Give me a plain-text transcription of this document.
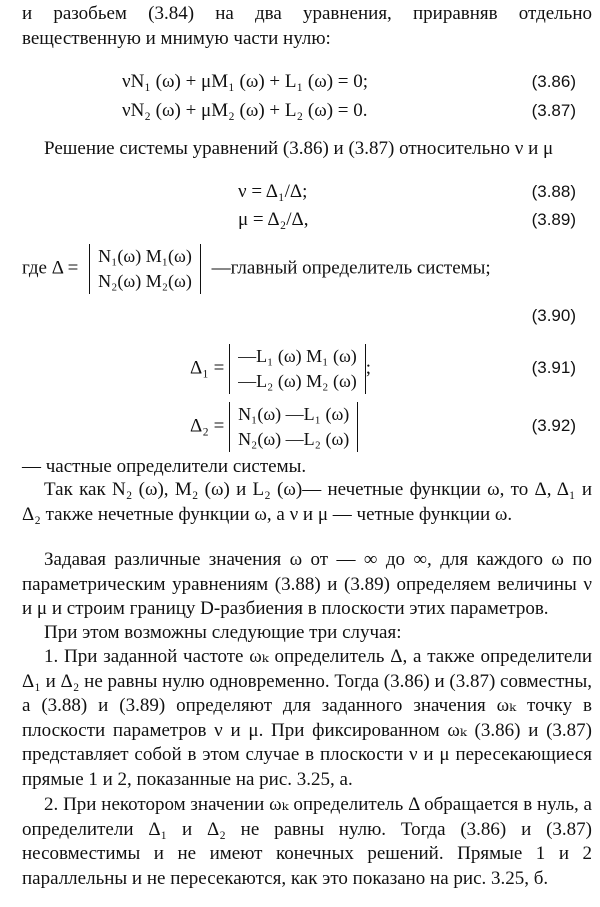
и разобьем (3.84) на два уравнения, приравняв отдельно вещественную и мнимую части нулю:
νN₁ (ω) + μM₁ (ω) + L₁ (ω) = 0;	(3.86)
νN₂ (ω) + μM₂ (ω) + L₂ (ω) = 0.	(3.87)
Решение системы уравнений (3.86) и (3.87) относительно ν и μ
ν = Δ₁/Δ;	(3.88)
μ = Δ₂/Δ,	(3.89)
где Δ =
N₁(ω) M₁(ω)
N₂(ω) M₂(ω)
—главный определитель системы;
(3.90)
Δ₁ =
—L₁ (ω) M₁ (ω)
—L₂ (ω) M₂ (ω)
;	(3.91)
Δ₂ =
N₁(ω) —L₁ (ω)
N₂(ω) —L₂ (ω)
(3.92)
— частные определители системы.
Так как N₂ (ω), M₂ (ω) и L₂ (ω)— нечетные функции ω, то Δ, Δ₁ и Δ₂ также нечетные функции ω, а ν и μ — четные функции ω.
Задавая различные значения ω от — ∞ до ∞, для каждого ω по параметрическим уравнениям (3.88) и (3.89) определяем величины ν и μ и строим границу D-разбиения в плоскости этих параметров.
При этом возможны следующие три случая:
1. При заданной частоте ωₖ определитель Δ, а также определители Δ₁ и Δ₂ не равны нулю одновременно. Тогда (3.86) и (3.87) совместны, а (3.88) и (3.89) определяют для заданного значения ωₖ точку в плоскости параметров ν и μ. При фиксированном ωₖ (3.86) и (3.87) представляет собой в этом случае в плоскости ν и μ пересекающиеся прямые 1 и 2, показанные на рис. 3.25, а.
2. При некотором значении ωₖ определитель Δ обращается в нуль, а определители Δ₁ и Δ₂ не равны нулю. Тогда (3.86) и (3.87) несовместимы и не имеют конечных решений. Прямые 1 и 2 параллельны и не пересекаются, как это показано на рис. 3.25, б.
